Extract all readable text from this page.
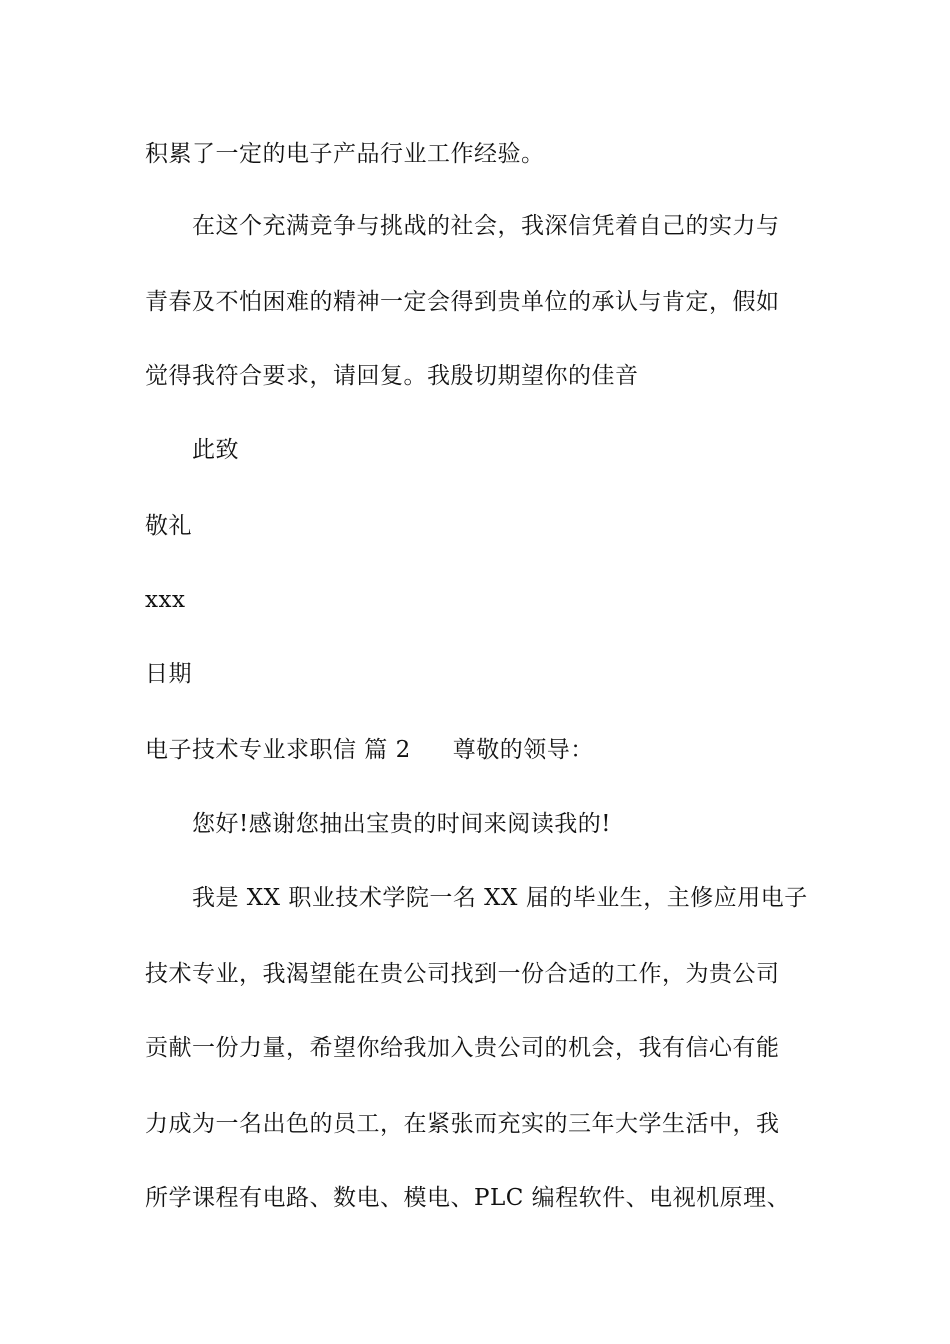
积累了一定的电子产品行业工作经验。
在这个充满竞争与挑战的社会，我深信凭着自己的实力与
青春及不怕困难的精神一定会得到贵单位的承认与肯定，假如
觉得我符合要求，请回复。我殷切期望你的佳音
此致
敬礼
xxx
日期
电子技术专业求职信 篇 2 尊敬的领导：
您好!感谢您抽出宝贵的时间来阅读我的!
我是 XX 职业技术学院一名 XX 届的毕业生，主修应用电子
技术专业，我渴望能在贵公司找到一份合适的工作，为贵公司
贡献一份力量，希望你给我加入贵公司的机会，我有信心有能
力成为一名出色的员工，在紧张而充实的三年大学生活中，我
所学课程有电路、数电、模电、PLC 编程软件、电视机原理、
